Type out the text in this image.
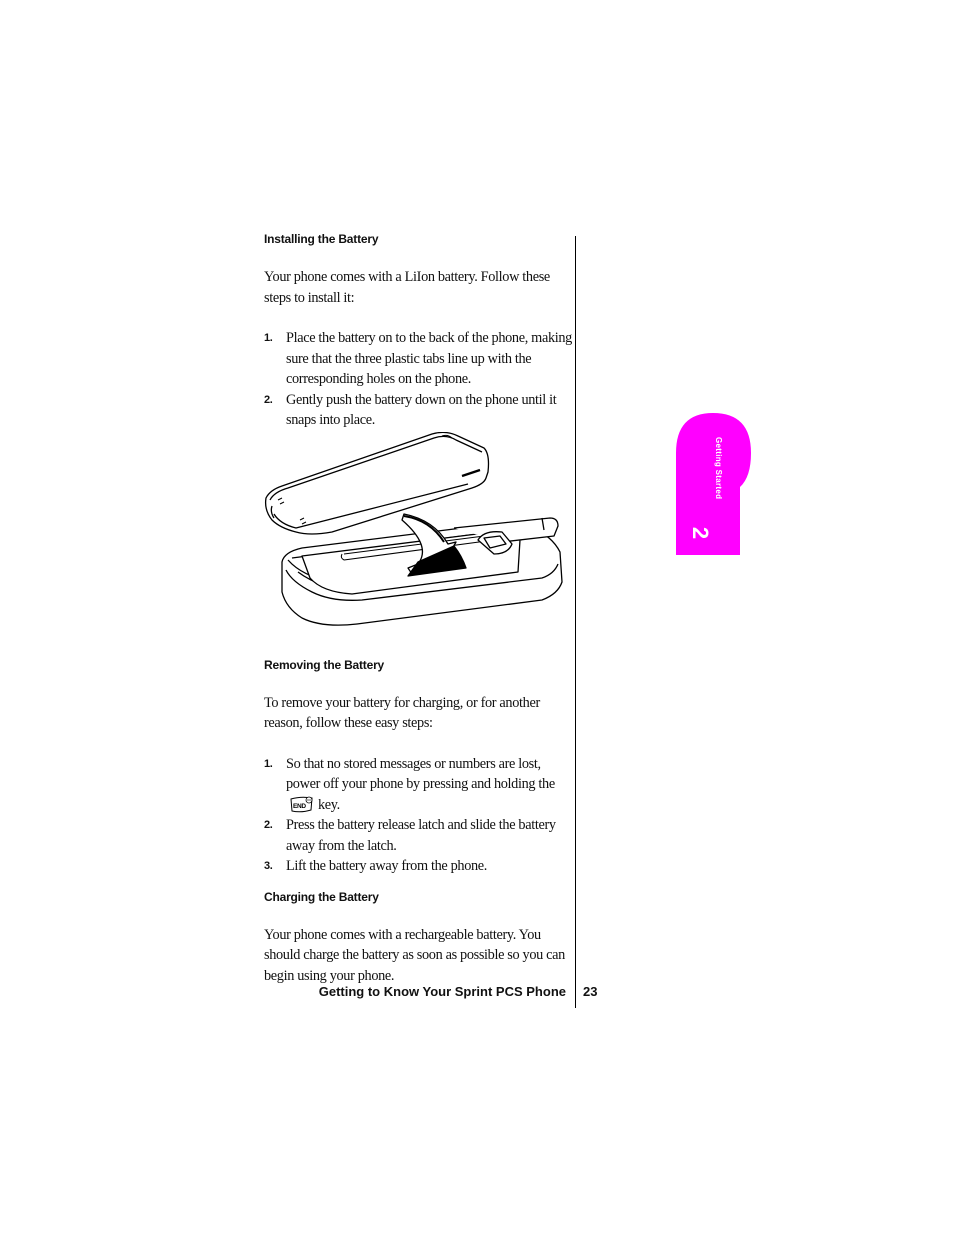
Installing the Battery

Your phone comes with a LiIon battery. Follow these steps to install it:

1. Place the battery on to the back of the phone, making sure that the three plastic tabs line up with the corresponding holes on the phone.
2. Gently push the battery down on the phone until it snaps into place.
Removing the Battery

To remove your battery for charging, or for another reason, follow these easy steps:

1. So that no stored messages or numbers are lost, power off your phone by pressing and holding the
END key.
2. Press the battery release latch and slide the battery away from the latch.
3. Lift the battery away from the phone.
Charging the Battery

Your phone comes with a rechargeable battery. You should charge the battery as soon as possible so you can begin using your phone.

Getting to Know Your Sprint PCS Phone 23
Getting Started
2
